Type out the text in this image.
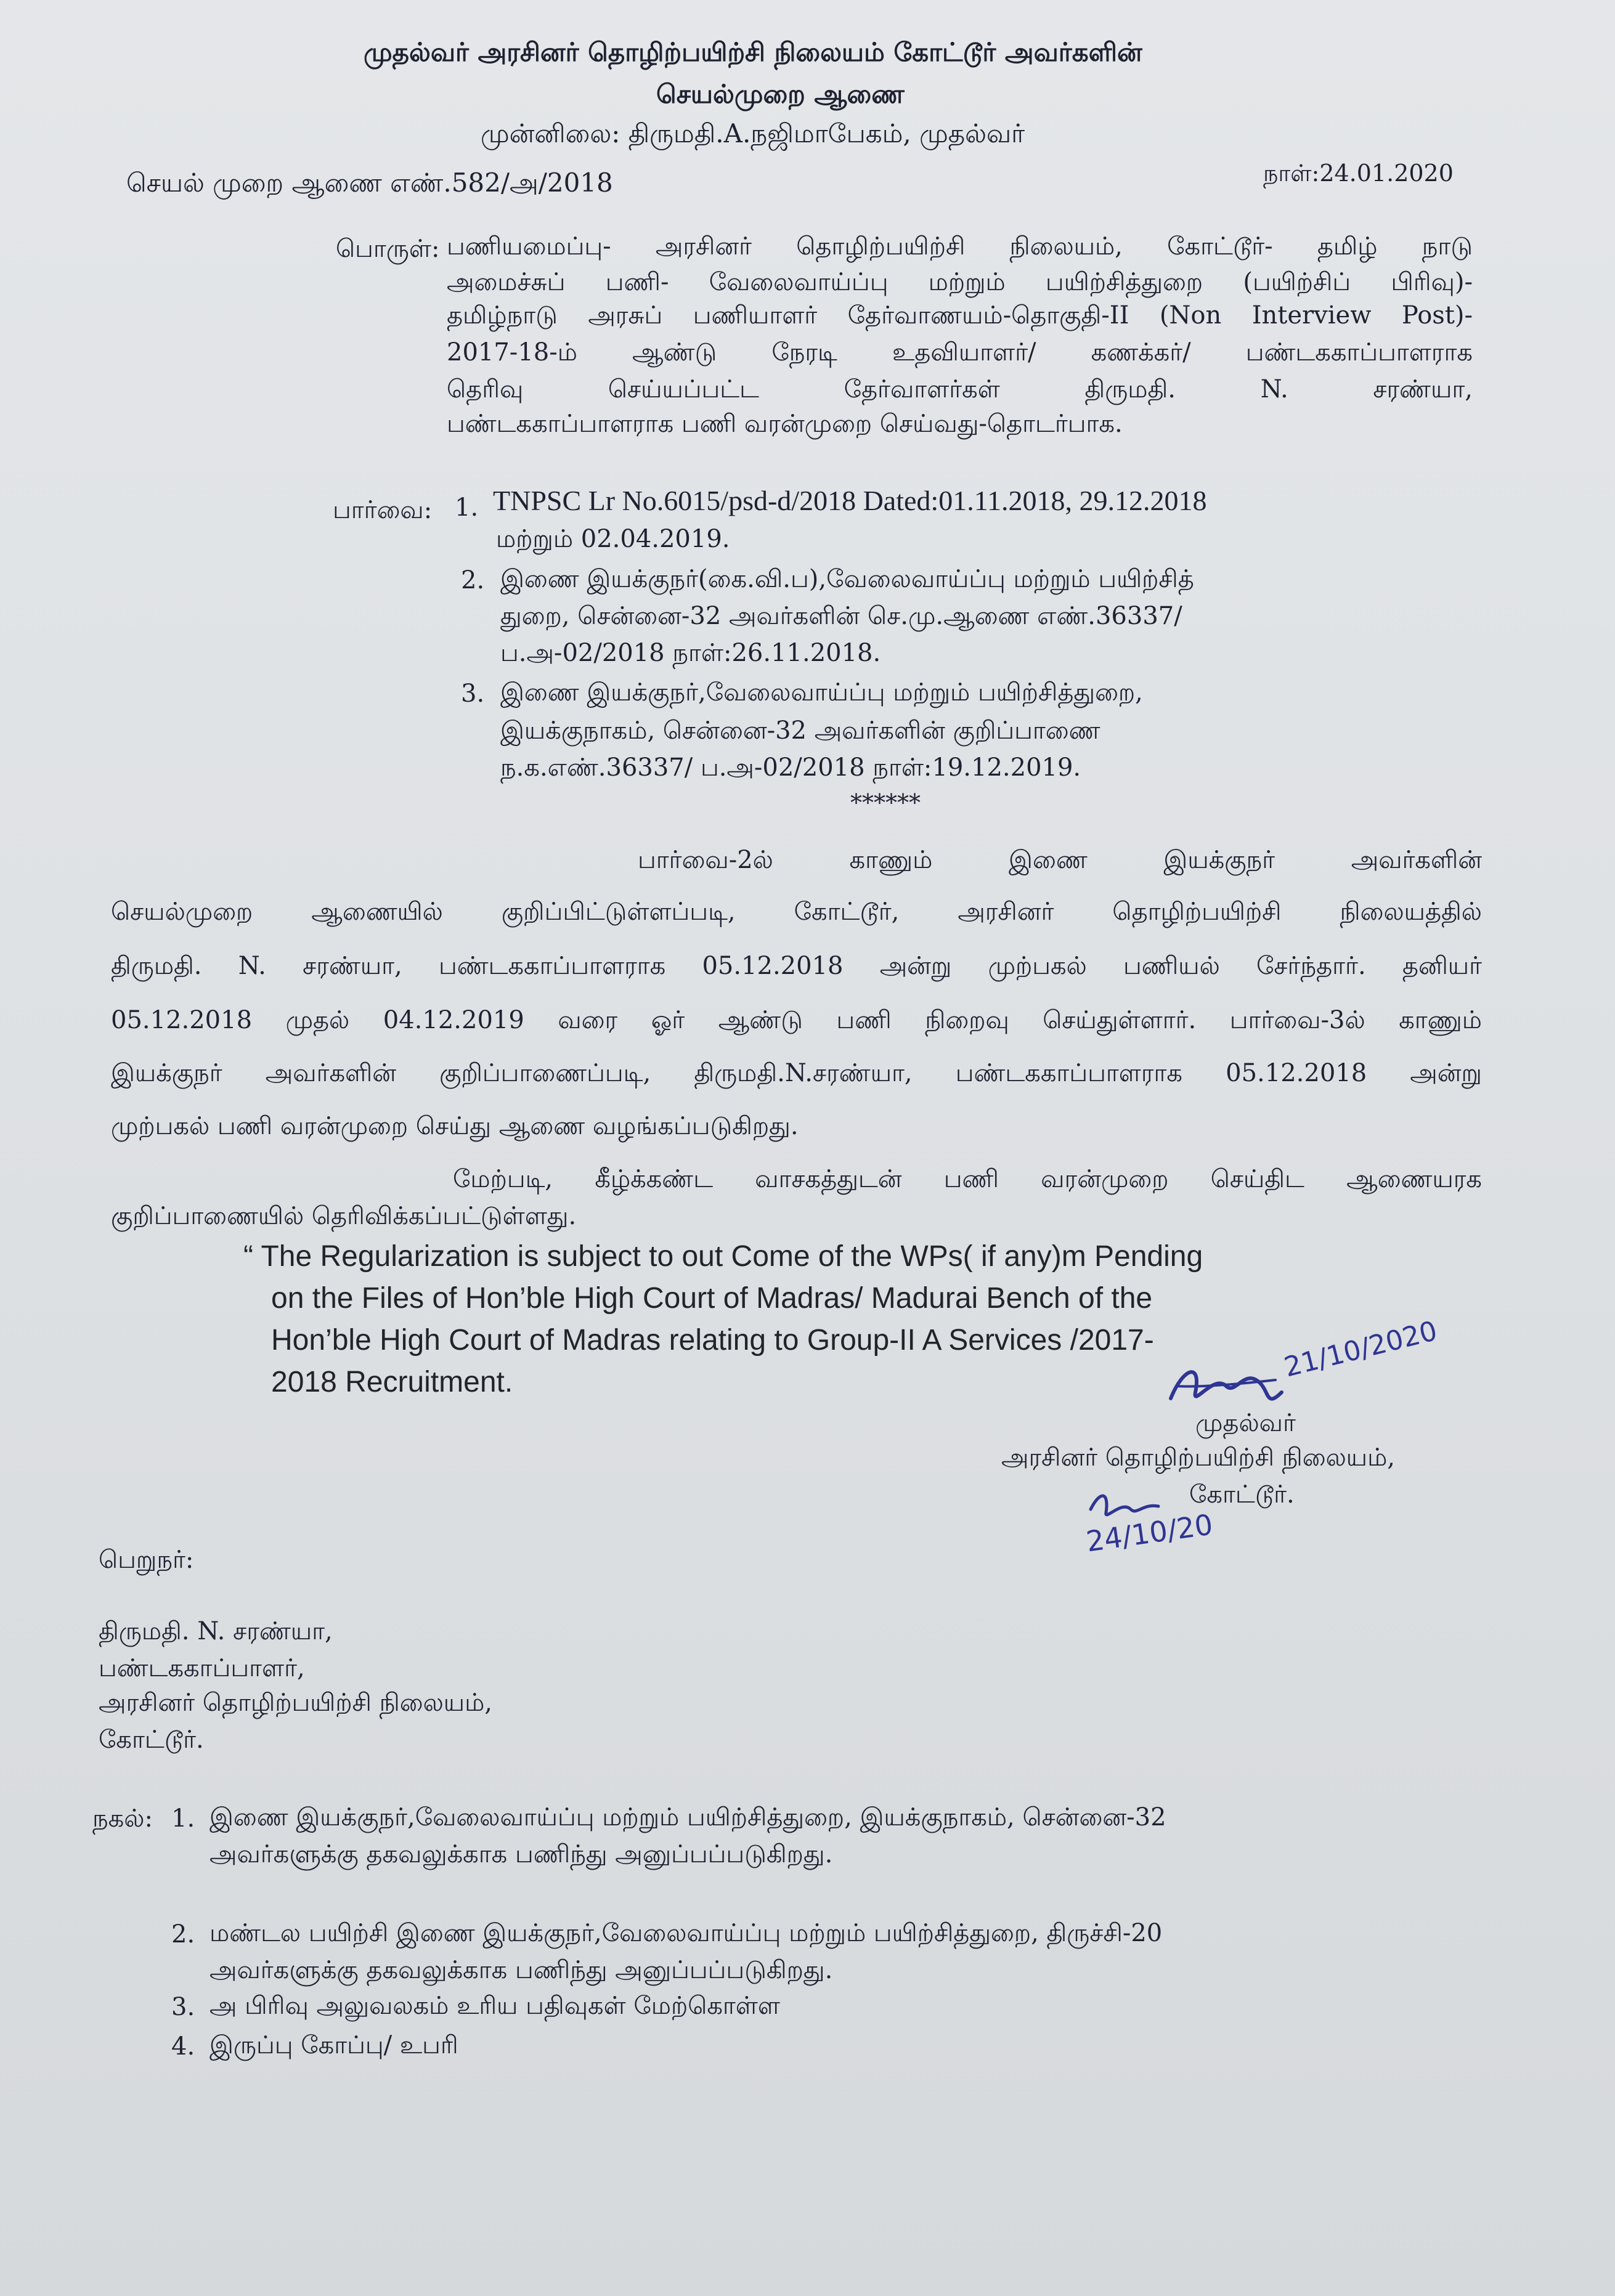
முதல்வர் அரசினர் தொழிற்பயிற்சி நிலையம் கோட்டூர் அவர்களின்
செயல்முறை ஆணை
முன்னிலை: திருமதி.A.நஜிமாபேகம், முதல்வர்
செயல் முறை ஆணை எண்.582/அ/2018	நாள்:24.01.2020
பொருள்: பணியமைப்பு- அரசினர் தொழிற்பயிற்சி நிலையம், கோட்டூர்- தமிழ் நாடு
அமைச்சுப் பணி- வேலைவாய்ப்பு மற்றும் பயிற்சித்துறை (பயிற்சிப் பிரிவு)-
தமிழ்நாடு அரசுப் பணியாளர் தேர்வாணயம்-தொகுதி-II (Non Interview Post)-
2017-18-ம் ஆண்டு நேரடி உதவியாளர்/ கணக்கர்/ பண்டககாப்பாளராக
தெரிவு செய்யப்பட்ட தேர்வாளர்கள் திருமதி. N. சரண்யா,
பண்டககாப்பாளராக பணி வரன்முறை செய்வது-தொடர்பாக.
பார்வை: 1. TNPSC Lr No.6015/psd-d/2018 Dated:01.11.2018, 29.12.2018
மற்றும் 02.04.2019.
2. இணை இயக்குநர்(கை.வி.ப),வேலைவாய்ப்பு மற்றும் பயிற்சித்
துறை, சென்னை-32 அவர்களின் செ.மு.ஆணை எண்.36337/
ப.அ-02/2018 நாள்:26.11.2018.
3. இணை இயக்குநர்,வேலைவாய்ப்பு மற்றும் பயிற்சித்துறை,
இயக்குநாகம், சென்னை-32 அவர்களின் குறிப்பாணை
ந.க.எண்.36337/ ப.அ-02/2018 நாள்:19.12.2019.
******
பார்வை-2ல் காணும் இணை இயக்குநர் அவர்களின்
செயல்முறை ஆணையில் குறிப்பிட்டுள்ளப்படி, கோட்டூர், அரசினர் தொழிற்பயிற்சி நிலையத்தில்
திருமதி. N. சரண்யா, பண்டககாப்பாளராக 05.12.2018 அன்று முற்பகல் பணியல் சேர்ந்தார். தனியர்
05.12.2018 முதல் 04.12.2019 வரை ஓர் ஆண்டு பணி நிறைவு செய்துள்ளார். பார்வை-3ல் காணும்
இயக்குநர் அவர்களின் குறிப்பாணைப்படி, திருமதி.N.சரண்யா, பண்டககாப்பாளராக 05.12.2018 அன்று
முற்பகல் பணி வரன்முறை செய்து ஆணை வழங்கப்படுகிறது.
மேற்படி, கீழ்க்கண்ட வாசகத்துடன் பணி வரன்முறை செய்திட ஆணையரக
குறிப்பாணையில் தெரிவிக்கப்பட்டுள்ளது.
“ The Regularization is subject to out Come of the WPs( if any)m Pending
on the Files of Hon’ble High Court of Madras/ Madurai Bench of the
Hon’ble High Court of Madras relating to Group-II A Services /2017-
2018 Recruitment.	21/10/2020
முதல்வர்
அரசினர் தொழிற்பயிற்சி நிலையம்,
கோட்டூர்.
24/10/20
பெறுநர்:
திருமதி. N. சரண்யா,
பண்டககாப்பாளர்,
அரசினர் தொழிற்பயிற்சி நிலையம்,
கோட்டூர்.
நகல்: 1. இணை இயக்குநர்,வேலைவாய்ப்பு மற்றும் பயிற்சித்துறை, இயக்குநாகம், சென்னை-32
அவர்களுக்கு தகவலுக்காக பணிந்து அனுப்பப்படுகிறது.
2. மண்டல பயிற்சி இணை இயக்குநர்,வேலைவாய்ப்பு மற்றும் பயிற்சித்துறை, திருச்சி-20
அவர்களுக்கு தகவலுக்காக பணிந்து அனுப்பப்படுகிறது.
3. அ பிரிவு அலுவலகம் உரிய பதிவுகள் மேற்கொள்ள
4. இருப்பு கோப்பு/ உபரி
